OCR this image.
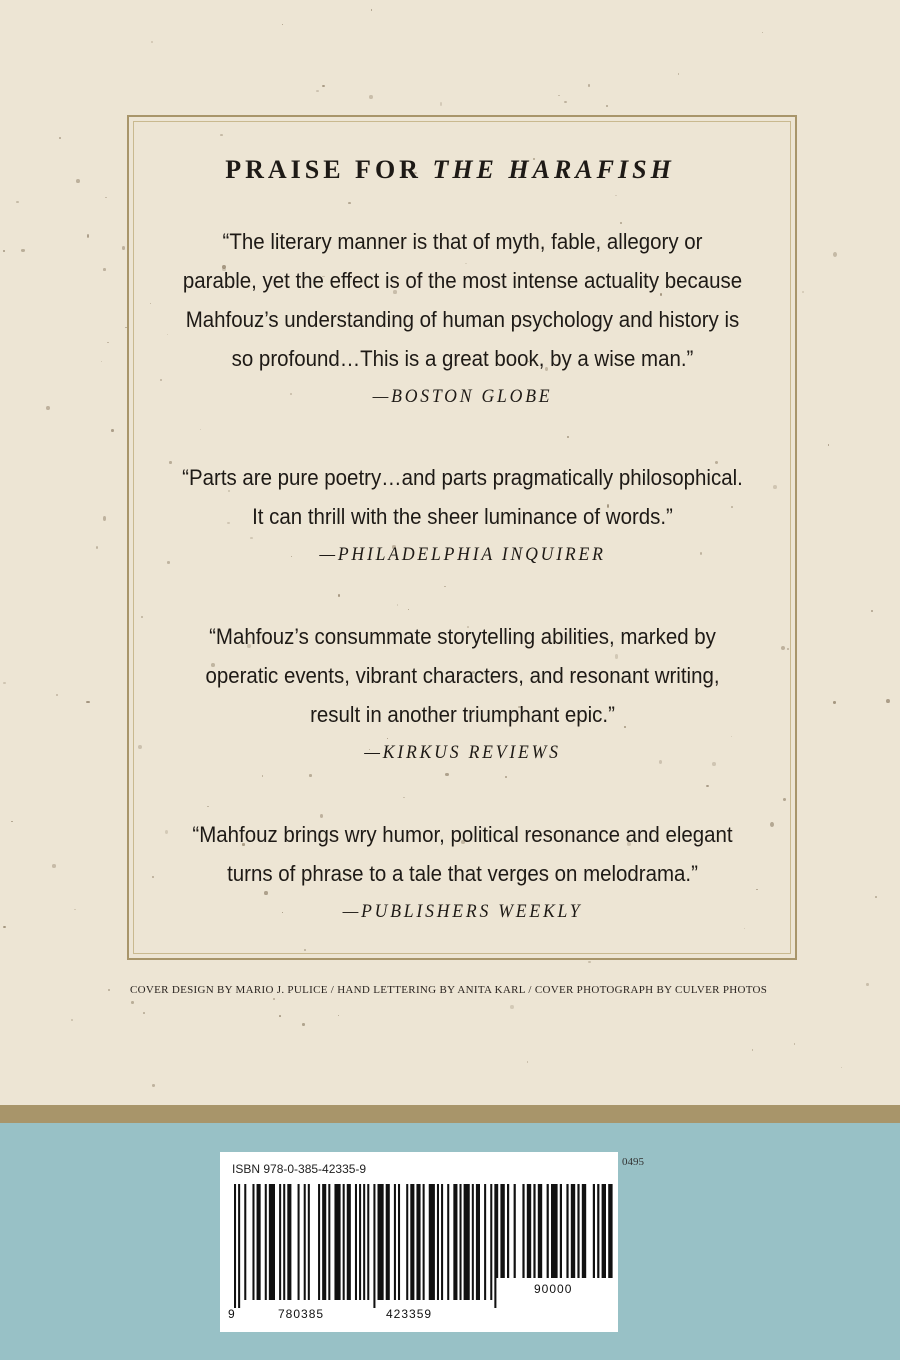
PRAISE FOR THE HARAFISH
“The literary manner is that of myth, fable, allegory or
parable, yet the effect is of the most intense actuality because
Mahfouz’s understanding of human psychology and history is
so profound…This is a great book, by a wise man.”
—BOSTON GLOBE
“Parts are pure poetry…and parts pragmatically philosophical.
It can thrill with the sheer luminance of words.”
—PHILADELPHIA INQUIRER
“Mahfouz’s consummate storytelling abilities, marked by
operatic events, vibrant characters, and resonant writing,
result in another triumphant epic.”
—KIRKUS REVIEWS
“Mahfouz brings wry humor, political resonance and elegant
turns of phrase to a tale that verges on melodrama.”
—PUBLISHERS WEEKLY
COVER DESIGN BY MARIO J. PULICE / HAND LETTERING BY ANITA KARL / COVER PHOTOGRAPH BY CULVER PHOTOS
0495
ISBN 978-0-385-42335-9
9	780385	423359
90000
